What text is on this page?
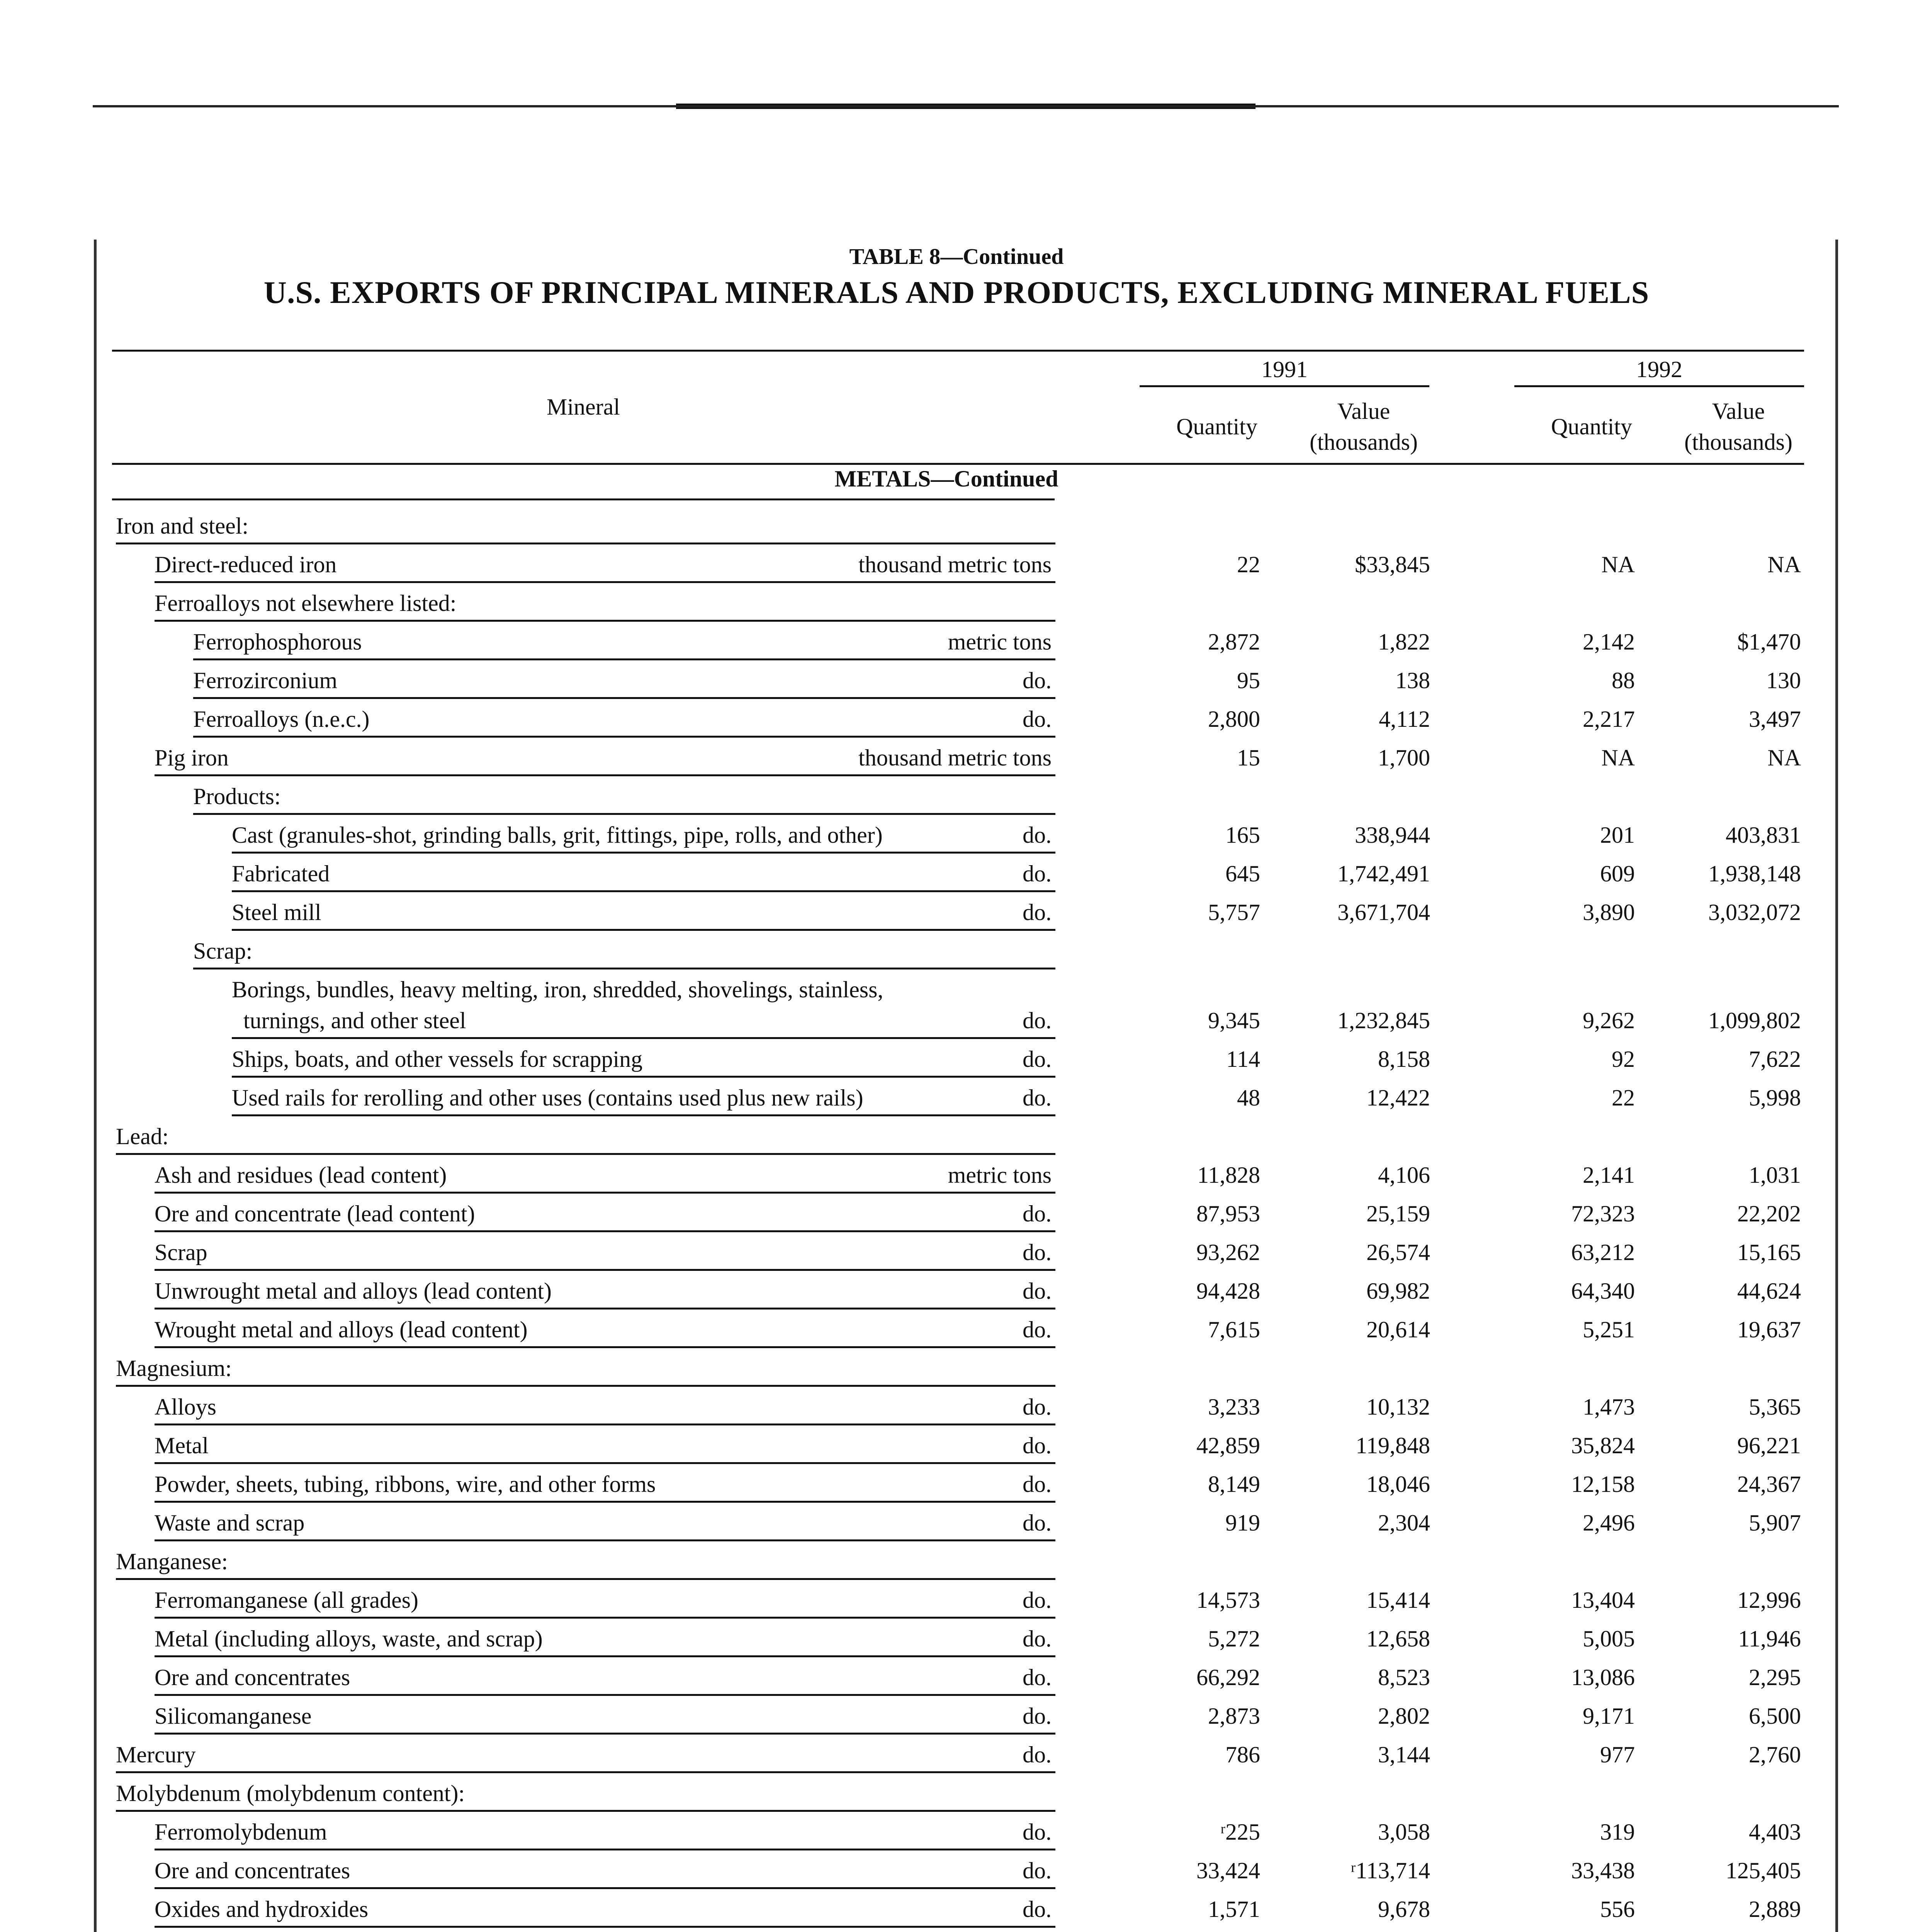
TABLE 8—Continued
U.S. EXPORTS OF PRINCIPAL MINERALS AND PRODUCTS, EXCLUDING MINERAL FUELS
Mineral
1991	1992
Quantity
Value
(thousands)
Quantity
Value
(thousands)
METALS—Continued
Iron and steel:
Direct-reduced iron	thousand metric tons	22	$33,845	NA	NA
Ferroalloys not elsewhere listed:
Ferrophosphorous	metric tons	2,872	1,822	2,142	$1,470
Ferrozirconium	do.	95	138	88	130
Ferroalloys (n.e.c.)	do.	2,800	4,112	2,217	3,497
Pig iron	thousand metric tons	15	1,700	NA	NA
Products:
Cast (granules-shot, grinding balls, grit, fittings, pipe, rolls, and other)	do.	165	338,944	201	403,831
Fabricated	do.	645	1,742,491	609	1,938,148
Steel mill	do.	5,757	3,671,704	3,890	3,032,072
Scrap:
Borings, bundles, heavy melting, iron, shredded, shovelings, stainless,
turnings, and other steel	do.	9,345	1,232,845	9,262	1,099,802
Ships, boats, and other vessels for scrapping	do.	114	8,158	92	7,622
Used rails for rerolling and other uses (contains used plus new rails)	do.	48	12,422	22	5,998
Lead:
Ash and residues (lead content)	metric tons	11,828	4,106	2,141	1,031
Ore and concentrate (lead content)	do.	87,953	25,159	72,323	22,202
Scrap	do.	93,262	26,574	63,212	15,165
Unwrought metal and alloys (lead content)	do.	94,428	69,982	64,340	44,624
Wrought metal and alloys (lead content)	do.	7,615	20,614	5,251	19,637
Magnesium:
Alloys	do.	3,233	10,132	1,473	5,365
Metal	do.	42,859	119,848	35,824	96,221
Powder, sheets, tubing, ribbons, wire, and other forms	do.	8,149	18,046	12,158	24,367
Waste and scrap	do.	919	2,304	2,496	5,907
Manganese:
Ferromanganese (all grades)	do.	14,573	15,414	13,404	12,996
Metal (including alloys, waste, and scrap)	do.	5,272	12,658	5,005	11,946
Ore and concentrates	do.	66,292	8,523	13,086	2,295
Silicomanganese	do.	2,873	2,802	9,171	6,500
Mercury	do.	786	3,144	977	2,760
Molybdenum (molybdenum content):
Ferromolybdenum	do.	ʳ225	3,058	319	4,403
Ore and concentrates	do.	33,424	ʳ113,714	33,438	125,405
Oxides and hydroxides	do.	1,571	9,678	556	2,889
